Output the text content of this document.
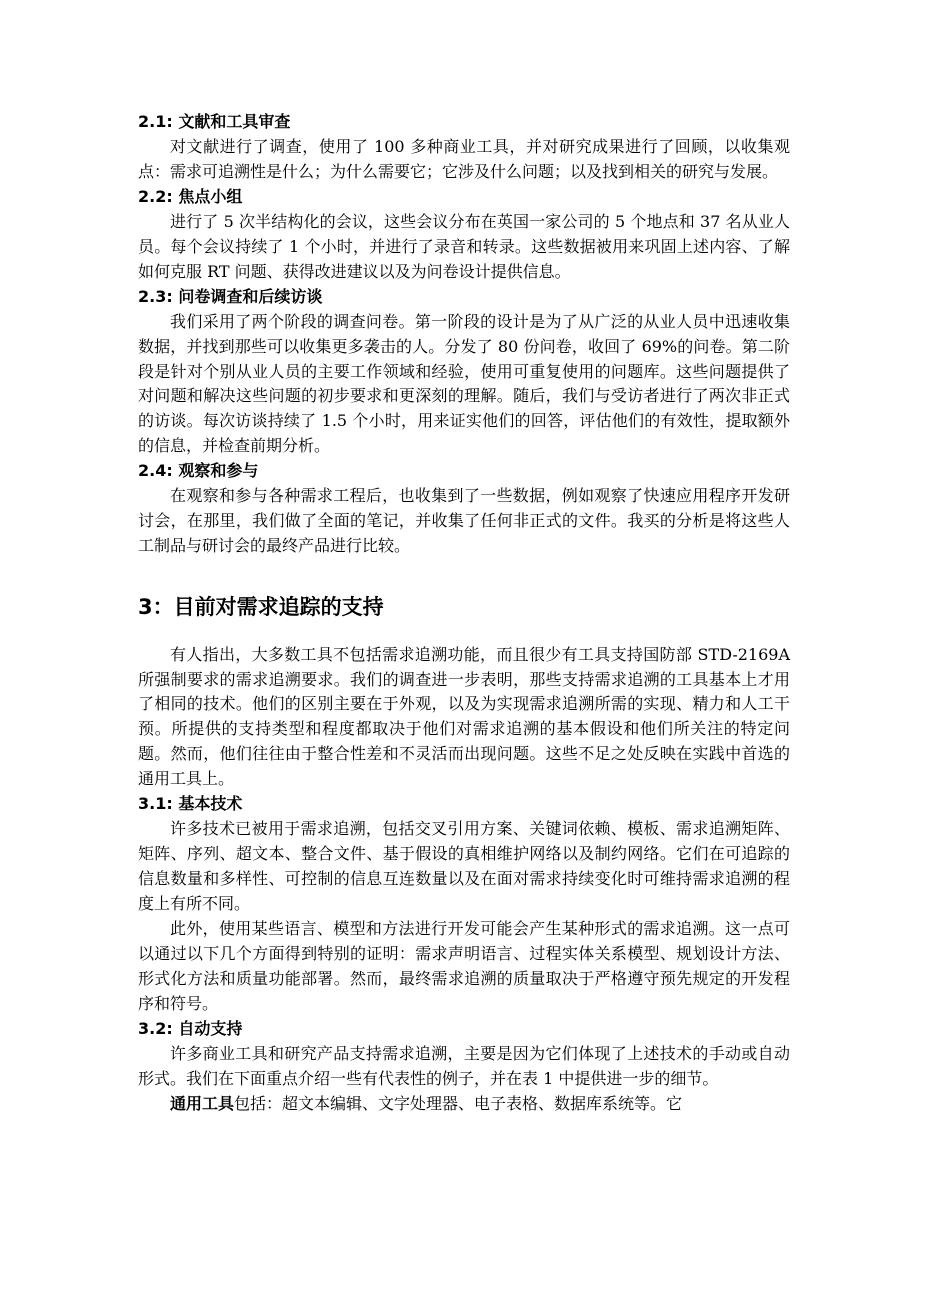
2.1: 文献和工具审查

对文献进行了调查，使用了 100 多种商业工具，并对研究成果进行了回顾，以收集观点：需求可追溯性是什么；为什么需要它；它涉及什么问题；以及找到相关的研究与发展。

2.2: 焦点小组

进行了 5 次半结构化的会议，这些会议分布在英国一家公司的 5 个地点和 37 名从业人员。每个会议持续了 1 个小时，并进行了录音和转录。这些数据被用来巩固上述内容、了解如何克服 RT 问题、获得改进建议以及为问卷设计提供信息。

2.3: 问卷调查和后续访谈

我们采用了两个阶段的调查问卷。第一阶段的设计是为了从广泛的从业人员中迅速收集数据，并找到那些可以收集更多袭击的人。分发了 80 份问卷，收回了 69%的问卷。第二阶段是针对个别从业人员的主要工作领域和经验，使用可重复使用的问题库。这些问题提供了对问题和解决这些问题的初步要求和更深刻的理解。随后，我们与受访者进行了两次非正式的访谈。每次访谈持续了 1.5 个小时，用来证实他们的回答，评估他们的有效性，提取额外的信息，并检查前期分析。

2.4: 观察和参与

在观察和参与各种需求工程后，也收集到了一些数据，例如观察了快速应用程序开发研讨会，在那里，我们做了全面的笔记，并收集了任何非正式的文件。我买的分析是将这些人工制品与研讨会的最终产品进行比较。

3：目前对需求追踪的支持

有人指出，大多数工具不包括需求追溯功能，而且很少有工具支持国防部 STD-2169A 所强制要求的需求追溯要求。我们的调查进一步表明，那些支持需求追溯的工具基本上才用了相同的技术。他们的区别主要在于外观，以及为实现需求追溯所需的实现、精力和人工干预。所提供的支持类型和程度都取决于他们对需求追溯的基本假设和他们所关注的特定问题。然而，他们往往由于整合性差和不灵活而出现问题。这些不足之处反映在实践中首选的通用工具上。

3.1: 基本技术

许多技术已被用于需求追溯，包括交叉引用方案、关键词依赖、模板、需求追溯矩阵、矩阵、序列、超文本、整合文件、基于假设的真相维护网络以及制约网络。它们在可追踪的信息数量和多样性、可控制的信息互连数量以及在面对需求持续变化时可维持需求追溯的程度上有所不同。

此外，使用某些语言、模型和方法进行开发可能会产生某种形式的需求追溯。这一点可以通过以下几个方面得到特别的证明：需求声明语言、过程实体关系模型、规划设计方法、形式化方法和质量功能部署。然而，最终需求追溯的质量取决于严格遵守预先规定的开发程序和符号。

3.2: 自动支持

许多商业工具和研究产品支持需求追溯，主要是因为它们体现了上述技术的手动或自动形式。我们在下面重点介绍一些有代表性的例子，并在表 1 中提供进一步的细节。

通用工具包括：超文本编辑、文字处理器、电子表格、数据库系统等。它
